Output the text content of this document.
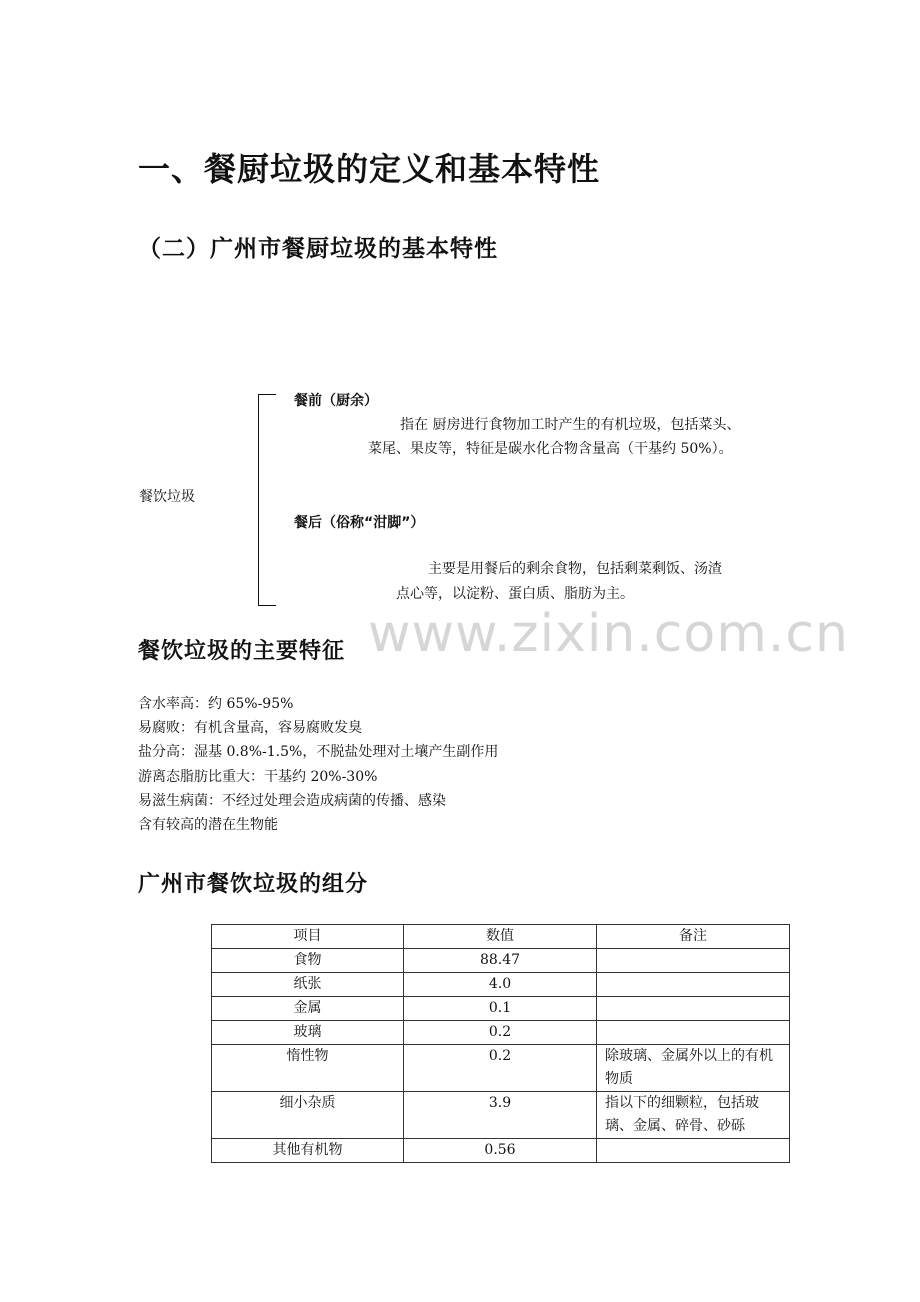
一、餐厨垃圾的定义和基本特性
（二）广州市餐厨垃圾的基本特性
餐饮垃圾
餐前（厨余）
指在 厨房进行食物加工时产生的有机垃圾，包括菜头、
菜尾、果皮等，特征是碳水化合物含量高（干基约 50%）。
餐后（俗称“泔脚”）
主要是用餐后的剩余食物，包括剩菜剩饭、汤渣
点心等，以淀粉、蛋白质、脂肪为主。
www.zixin.com.cn
餐饮垃圾的主要特征
含水率高：约 65%-95%
易腐败：有机含量高，容易腐败发臭
盐分高：湿基 0.8%-1.5%，不脱盐处理对土壤产生副作用
游离态脂肪比重大：干基约 20%-30%
易滋生病菌：不经过处理会造成病菌的传播、感染
含有较高的潜在生物能
广州市餐饮垃圾的组分
项目	数值	备注
食物	88.47	
纸张	4.0	
金属	0.1	
玻璃	0.2	
惰性物	0.2	除玻璃、金属外以上的有机物质
细小杂质	3.9	指以下的细颗粒，包括玻璃、金属、碎骨、砂砾
其他有机物	0.56	
